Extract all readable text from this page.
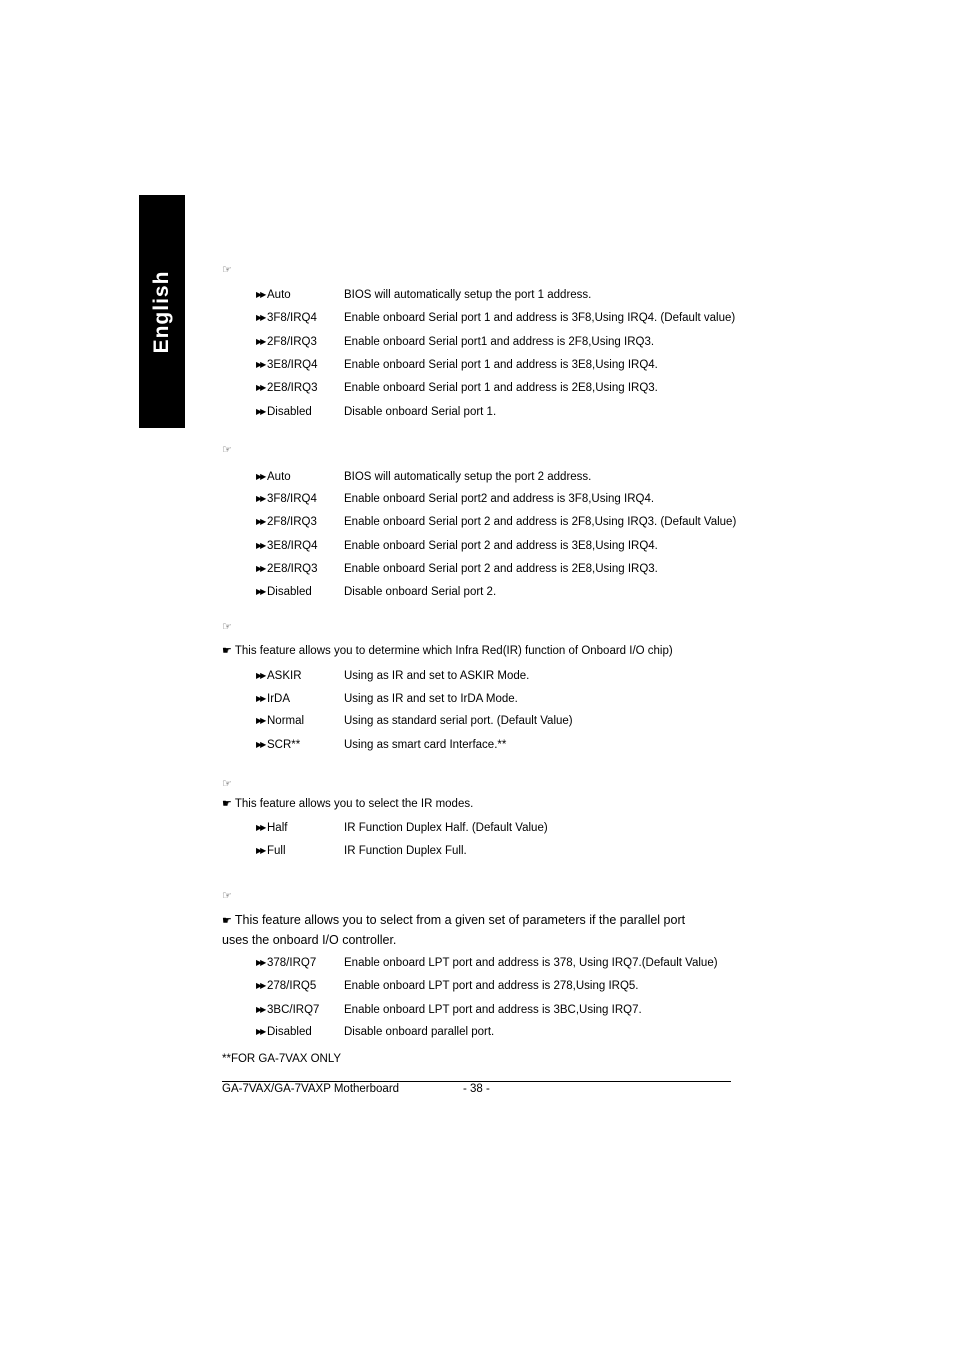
English
☞
▶▶ Auto	BIOS will automatically setup the port 1 address.
▶▶ 3F8/IRQ4 Enable onboard Serial port 1 and address is 3F8,Using IRQ4. (Default value)
▶▶ 2F8/IRQ3 Enable onboard Serial port1 and address is 2F8,Using IRQ3.
▶▶ 3E8/IRQ4 Enable onboard Serial port 1 and address is 3E8,Using IRQ4.
▶▶ 2E8/IRQ3 Enable onboard Serial port 1 and address is 2E8,Using IRQ3.
▶▶ Disabled	Disable onboard Serial port 1.
☞
▶▶ Auto	BIOS will automatically setup the port 2 address.
▶▶ 3F8/IRQ4 Enable onboard Serial port2 and address is 3F8,Using IRQ4.
▶▶ 2F8/IRQ3 Enable onboard Serial port 2 and address is 2F8,Using IRQ3. (Default Value)
▶▶ 3E8/IRQ4 Enable onboard Serial port 2 and address is 3E8,Using IRQ4.
▶▶ 2E8/IRQ3 Enable onboard Serial port 2 and address is 2E8,Using IRQ3.
▶▶ Disabled	Disable onboard Serial port 2.
☞
☛ This feature allows you to determine which Infra Red(IR) function of Onboard I/O chip)
▶▶ ASKIR	Using as IR and set to ASKIR Mode.
▶▶ IrDA	Using as IR and set to IrDA Mode.
▶▶ Normal	Using as standard serial port. (Default Value)
▶▶ SCR**	Using as smart card Interface.**
☞
☛ This feature allows you to select the IR modes.
▶▶ Half	IR Function Duplex Half. (Default Value)
▶▶ Full	IR Function Duplex Full.
☞
☛ This feature allows you to select from a given set of parameters if the parallel port uses the onboard I/O controller.
▶▶ 378/IRQ7 Enable onboard LPT port and address is 378, Using IRQ7.(Default Value)
▶▶ 278/IRQ5 Enable onboard LPT port and address is 278,Using IRQ5.
▶▶ 3BC/IRQ7 Enable onboard LPT port and address is 3BC,Using IRQ7.
▶▶ Disabled	Disable onboard parallel port.
**FOR GA-7VAX ONLY
GA-7VAX/GA-7VAXP Motherboard	- 38 -
